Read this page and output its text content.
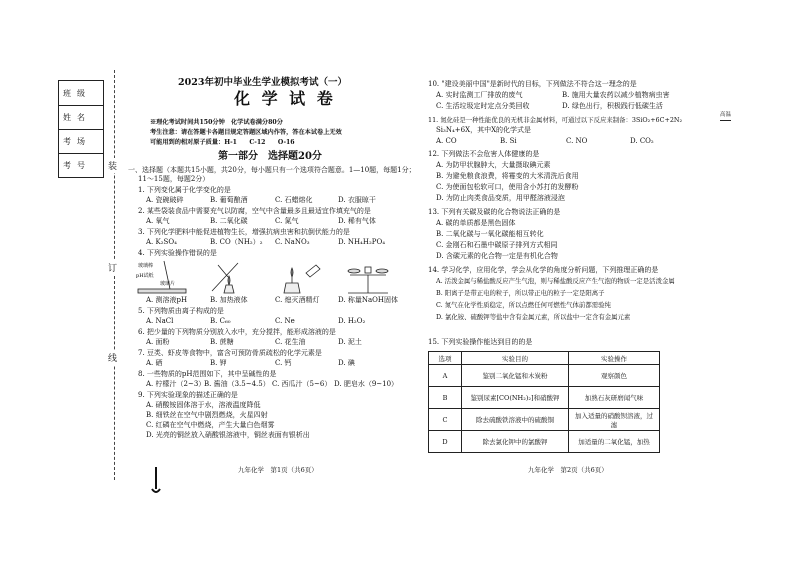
班级
姓名
考场
考号 装
订
线
2023年初中毕业生学业模拟考试（一）
化 学 试 卷
※理化考试时间共150分钟　化学试卷满分80分
考生注意：请在答题卡各题目规定答题区域内作答，答在本试卷上无效
可能用到的相对原子质量：H-1　　C-12　　O-16
第一部分　选择题20分
一、选择题（本题共15小题，共20分，每小题只有一个选项符合题意。1—10题，每题1分；
11～15题，每题2分）
1. 下列变化属于化学变化的是
A. 瓷碗破碎	B. 葡萄酿酒	C. 石蜡熔化	D. 衣服晾干
2. 某些袋装食品中需要充气以防腐，空气中含量最多且最适宜作填充气的是
A. 氧气	B. 二氧化碳	C. 氮气	D. 稀有气体
3. 下列化学肥料中能促进植物生长，增强抗病虫害和抗倒伏能力的是
A. K₂SO₄	B. CO（NH₂）₂ C. NaNO₃	D. NH₄H₂PO₄
4. 下列实验操作错误的是
玻璃棒
pH试纸
玻璃片
A. 测溶液pH	B. 加热液体	C. 熄灭酒精灯	D. 称量NaOH固体
5. 下列物质由离子构成的是
A. NaCl	B. C₆₀	C. Ne	D. H₂O₂
6. 把少量的下列物质分别放入水中，充分搅拌，能形成溶液的是
A. 面粉	B. 蔗糖	C. 花生油	D. 泥土
7. 豆类、虾皮等食物中，富含可预防骨质疏松的化学元素是
A. 硒	B. 钾	C. 钙	D. 碘
8. 一些物质的pH范围如下，其中呈碱性的是
A. 柠檬汁（2~3）
B. 酱油（3.5~4.5） C. 西瓜汁（5~6） D. 肥皂水（9~10）
9. 下列实验现象的描述正确的是
A. 硝酸铵固体溶于水，溶液温度降低
B. 细铁丝在空气中剧烈燃烧，火星四射
C. 红磷在空气中燃烧，产生大量白色烟雾
D. 光亮的铜丝放入硝酸银溶液中，铜丝表面有银析出
九年化学　第1页（共6页）
10. "建设美丽中国"是新时代的目标，下列做法不符合这一理念的是
A. 实时监测工厂排放的废气	B. 施用大量农药以减少植物病虫害
C. 生活垃圾定时定点分类回收	D. 绿色出行，积极践行低碳生活
11. 氮化硅是一种性能优良的无机非金属材料，可通过以下反应来制备：3SiO₂+6C+2N₂
高温
Si₃N₄+6X，其中X的化学式是
A. CO	B. Si	C. NO	D. CO₂
12. 下列做法不会危害人体健康的是
A. 为防甲状腺肿大，大量摄取碘元素
B. 为避免粮食浪费，将霉变的大米清洗后食用
C. 为使面包松软可口，使用含小苏打的发酵粉
D. 为防止肉类食品变质，用甲醛溶液浸泡
13. 下列有关碳及碳的化合物说法正确的是
A. 碳的单质都是黑色固体
B. 二氧化碳与一氧化碳能相互转化
C. 金刚石和石墨中碳原子排列方式相同
D. 含碳元素的化合物一定是有机化合物
14. 学习化学，应用化学，学会从化学的角度分析问题，下列推理正确的是
A. 活泼金属与稀盐酸反应产生气泡，则与稀盐酸反应产生气泡的物质一定是活泼金属
B. 阳离子是带正电的粒子，所以带正电的粒子一定是阳离子
C. 氮气在化学性质稳定，所以点燃任何可燃性气体前都需验纯
D. 氯化铵、硫酸钾等盐中含有金属元素，所以盐中一定含有金属元素
15. 下列实验操作能达到目的的是
选项	实验目的	实验操作
A	鉴别二氧化锰和木炭粉	观察颜色
B	鉴别尿素[CO(NH₂)₂]和硝酸钾	加熟石灰研磨闻气味
C	除去硫酸铁溶液中的硫酸铜	加入适量的硝酸钡溶液，过滤
D	除去氯化钾中的氯酸钾	加适量的二氧化锰，加热
九年化学　第2页（共6页）
